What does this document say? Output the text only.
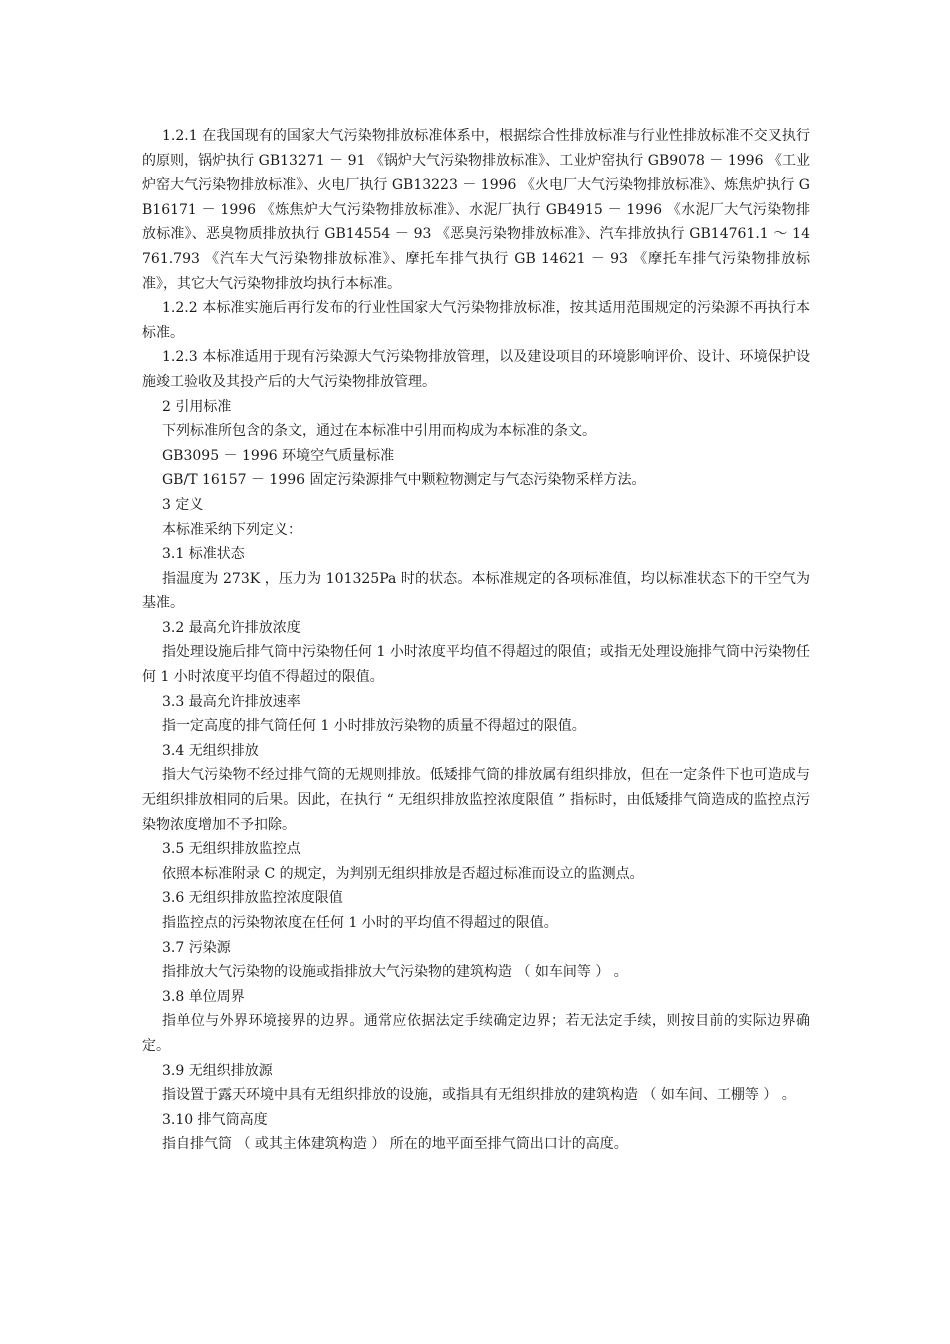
1.2.1 在我国现有的国家大气污染物排放标准体系中，根据综合性排放标准与行业性排放标准不交叉执行的原则，锅炉执行 GB13271 － 91 《锅炉大气污染物排放标准》、工业炉窑执行 GB9078 － 1996 《工业炉窑大气污染物排放标准》、火电厂执行 GB13223 － 1996 《火电厂大气污染物排放标准》、炼焦炉执行 GB16171 － 1996 《炼焦炉大气污染物排放标准》、水泥厂执行 GB4915 － 1996 《水泥厂大气污染物排放标准》、恶臭物质排放执行 GB14554 － 93 《恶臭污染物排放标准》、汽车排放执行 GB14761.1 ～ 14761.793 《汽车大气污染物排放标准》、摩托车排气执行 GB 14621 － 93 《摩托车排气污染物排放标准》，其它大气污染物排放均执行本标准。

1.2.2 本标准实施后再行发布的行业性国家大气污染物排放标准，按其适用范围规定的污染源不再执行本标准。

1.2.3 本标准适用于现有污染源大气污染物排放管理，以及建设项目的环境影响评价、设计、环境保护设施竣工验收及其投产后的大气污染物排放管理。

2 引用标准

下列标准所包含的条文，通过在本标准中引用而构成为本标准的条文。

GB3095 － 1996 环境空气质量标准

GB/T 16157 － 1996 固定污染源排气中颗粒物测定与气态污染物采样方法。

3 定义

本标准采纳下列定义：

3.1 标准状态

指温度为 273K ，压力为 101325Pa 时的状态。本标准规定的各项标准值，均以标准状态下的干空气为基准。

3.2 最高允许排放浓度

指处理设施后排气筒中污染物任何 1 小时浓度平均值不得超过的限值；或指无处理设施排气筒中污染物任何 1 小时浓度平均值不得超过的限值。

3.3 最高允许排放速率

指一定高度的排气筒任何 1 小时排放污染物的质量不得超过的限值。

3.4 无组织排放

指大气污染物不经过排气筒的无规则排放。低矮排气筒的排放属有组织排放，但在一定条件下也可造成与无组织排放相同的后果。因此，在执行 “ 无组织排放监控浓度限值 ” 指标时，由低矮排气筒造成的监控点污染物浓度增加不予扣除。

3.5 无组织排放监控点

依照本标准附录 C 的规定，为判别无组织排放是否超过标准而设立的监测点。

3.6 无组织排放监控浓度限值

指监控点的污染物浓度在任何 1 小时的平均值不得超过的限值。

3.7 污染源

指排放大气污染物的设施或指排放大气污染物的建筑构造 （ 如车间等 ） 。

3.8 单位周界

指单位与外界环境接界的边界。通常应依据法定手续确定边界；若无法定手续，则按目前的实际边界确定。

3.9 无组织排放源

指设置于露天环境中具有无组织排放的设施，或指具有无组织排放的建筑构造 （ 如车间、工棚等 ） 。

3.10 排气筒高度

指自排气筒 （ 或其主体建筑构造 ） 所在的地平面至排气筒出口计的高度。
